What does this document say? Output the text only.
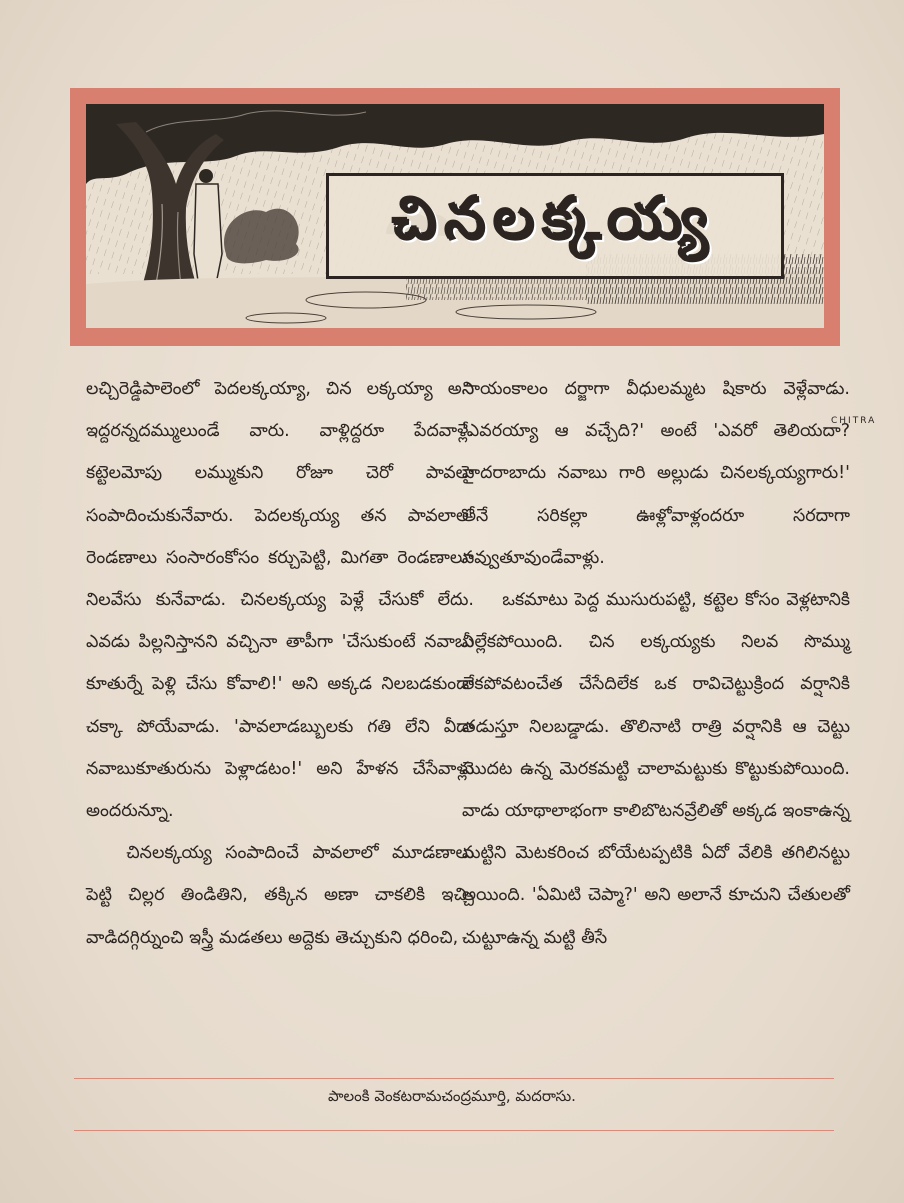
CHITRA
చినలక్కయ్య

లచ్చిరెడ్డిపాలెంలో పెదలక్కయ్యా, చిన లక్కయ్యా అని ఇద్దరన్నదమ్ములుండే వారు. వాళ్లిద్దరూ పేదవాళ్లే. కట్టెలమోపు లమ్ముకుని రోజూ చెరో పావలా సంపాదించుకునేవారు. పెదలక్కయ్య తన పావలాలో రెండణాలు సంసారంకోసం కర్చుపెట్టి, మిగతా రెండణాలూ నిలవేసు కునేవాడు. చినలక్కయ్య పెళ్లే చేసుకో లేదు. ఎవడు పిల్లనిస్తానని వచ్చినా తాపీగా 'చేసుకుంటే నవాబు కూతుర్నే పెళ్లి చేసు కోవాలి!' అని అక్కడ నిలబడకుండా చక్కా పోయేవాడు. 'పావలాడబ్బులకు గతి లేని వీడా నవాబుకూతురును పెళ్లాడటం!' అని హేళన చేసేవాళ్లు అందరున్నూ.

చినలక్కయ్య సంపాదించే పావలాలో మూడణాలు పెట్టి చిల్లర తిండితిని, తక్కిన అణా చాకలికి ఇచ్చి వాడిదగ్గిర్నుంచి ఇస్త్రీ మడతలు అద్దెకు తెచ్చుకుని ధరించి,

సాయంకాలం దర్జాగా వీధులమ్మట షికారు వెళ్లేవాడు. 'ఎవరయ్యా ఆ వచ్చేది?' అంటే 'ఎవరో తెలియదా? హైదరాబాదు నవాబు గారి అల్లుడు చినలక్కయ్యగారు!' అనే సరికల్లా ఊళ్లోవాళ్లందరూ సరదాగా నవ్వుతూవుండేవాళ్లు.

ఒకమాటు పెద్ద ముసురుపట్టి, కట్టెల కోసం వెళ్లటానికి వీల్లేకపోయింది. చిన లక్కయ్యకు నిలవ సొమ్ము లేకపోవటంచేత చేసేదిలేక ఒక రావిచెట్టుక్రింద వర్షానికి తడుస్తూ నిలబడ్డాడు. తొలినాటి రాత్రి వర్షానికి ఆ చెట్టు మొదట ఉన్న మెరకమట్టి చాలామట్టుకు కొట్టుకుపోయింది. వాడు యాథాలాభంగా కాలిబొటనవ్రేలితో అక్కడ ఇంకాఉన్న మట్టిని మెటకరించ బోయేటప్పటికి ఏదో వేలికి తగిలినట్టు అయింది. 'ఏమిటి చెప్మా?' అని అలానే కూచుని చేతులతో చుట్టూఉన్న మట్టి తీసే

పాలంకి వెంకటరామచంద్రమూర్తి, మదరాసు.
